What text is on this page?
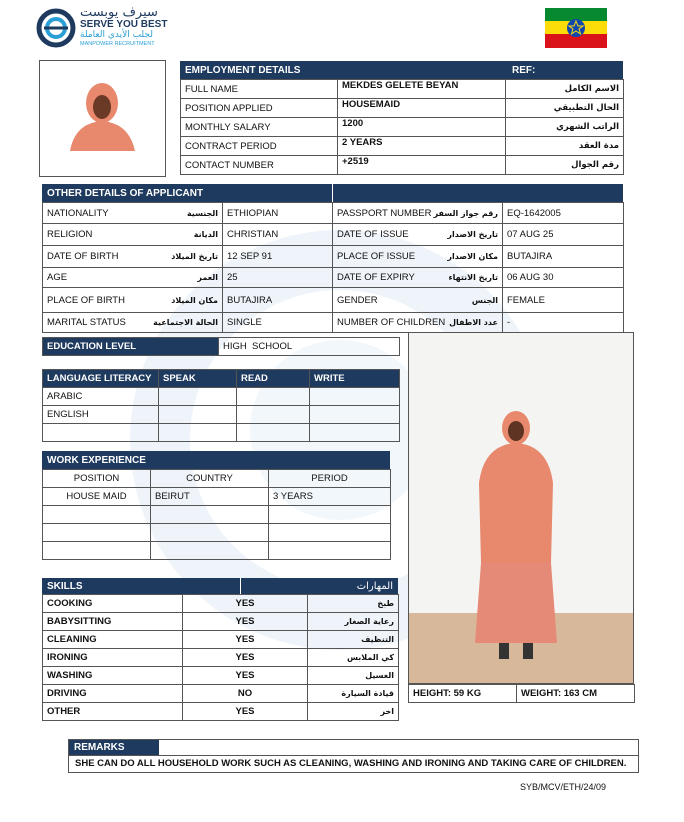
سيرف يوبست
SERVE YOU BEST
لجلب الأيدي العاملة
MANPOWER RECRUITMENT
EMPLOYMENT DETAILS	REF:
FULL NAME	MEKDES GELETE BEYAN	الاسم الكامل
POSITION APPLIED	HOUSEMAID	الحال التطبيقي
MONTHLY SALARY	1200	الراتب الشهري
CONTRACT PERIOD	2 YEARS	مدة العقد
CONTACT NUMBER	+2519	رقم الجوال
OTHER DETAILS OF APPLICANT
NATIONALITY الجنسية	ETHIOPIAN	PASSPORT NUMBER رقم جواز السفر	EQ-1642005

RELIGION الديانة	CHRISTIAN	DATE OF ISSUE تاريخ الاصدار	07 AUG 25

DATE OF BIRTH تاريخ الميلاد	12 SEP 91	PLACE OF ISSUE مكان الاصدار	BUTAJIRA

AGE العمر	25	DATE OF EXPIRY تاريخ الانتهاء	06 AUG 30

PLACE OF BIRTH مكان الميلاد	BUTAJIRA	GENDER الجنس	FEMALE

MARITAL STATUS الحالة الاجتماعية	SINGLE	NUMBER OF CHILDREN عدد الاطفال	-
EDUCATION LEVEL	HIGH  SCHOOL
LANGUAGE LITERACY	SPEAK	READ	WRITE
ARABIC			
ENGLISH			

WORK EXPERIENCE
POSITION	COUNTRY	PERIOD
HOUSE MAID	BEIRUT	3 YEARS

SKILLS	المهارات
COOKING	YES	طبخ
BABYSITTING	YES	رعاية الصغار
CLEANING	YES	التنظيف
IRONING	YES	كي الملابس
WASHING	YES	الغسيل
DRIVING	NO	قيادة السيارة
OTHER	YES	اخر
HEIGHT: 59 KG	WEIGHT: 163 CM
REMARKS
SHE CAN DO ALL HOUSEHOLD WORK SUCH AS CLEANING, WASHING AND IRONING AND TAKING CARE OF CHILDREN.
SYB/MCV/ETH/24/09
